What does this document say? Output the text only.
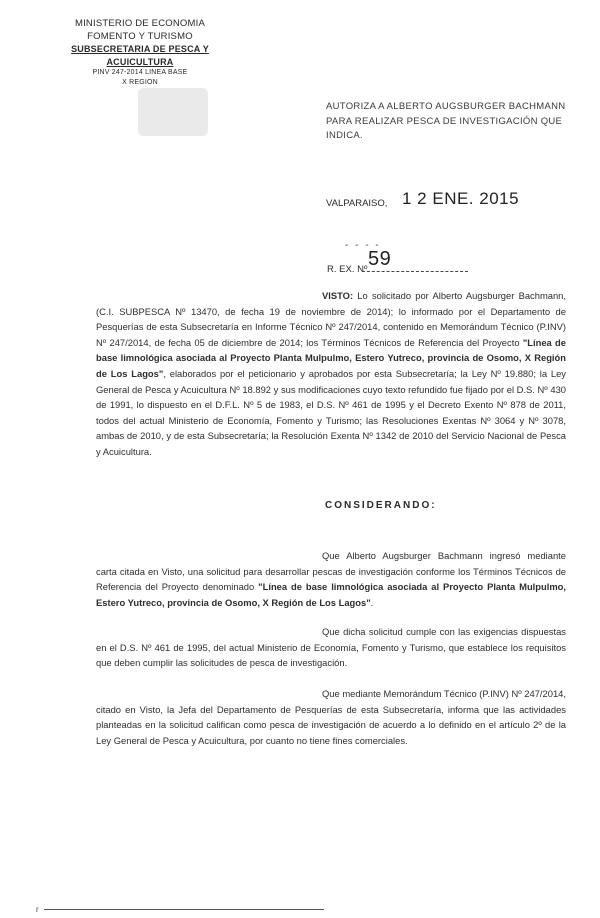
MINISTERIO DE ECONOMIA
FOMENTO Y TURISMO
SUBSECRETARIA DE PESCA Y ACUICULTURA
PINV 247-2014 LINEA BASE
X REGION
AUTORIZA A ALBERTO AUGSBURGER BACHMANN PARA REALIZAR PESCA DE INVESTIGACIÓN QUE INDICA.
VALPARAISO, 1 2 ENE. 2015
- - - -
R. EX. Nº 59
VISTO: Lo solicitado por Alberto Augsburger Bachmann, (C.I. SUBPESCA Nº 13470, de fecha 19 de noviembre de 2014); lo informado por el Departamento de Pesquerías de esta Subsecretaría en Informe Técnico Nº 247/2014, contenido en Memorándum Técnico (P.INV) Nº 247/2014, de fecha 05 de diciembre de 2014; los Términos Técnicos de Referencia del Proyecto "Línea de base limnológica asociada al Proyecto Planta Mulpulmo, Estero Yutreco, provincia de Osomo, X Región de Los Lagos", elaborados por el peticionario y aprobados por esta Subsecretaría; la Ley Nº 19.880; la Ley General de Pesca y Acuicultura Nº 18.892 y sus modificaciones cuyo texto refundido fue fijado por el D.S. Nº 430 de 1991, lo dispuesto en el D.F.L. Nº 5 de 1983, el D.S. Nº 461 de 1995 y el Decreto Exento Nº 878 de 2011, todos del actual Ministerio de Economía, Fomento y Turismo; las Resoluciones Exentas Nº 3064 y Nº 3078, ambas de 2010, y de esta Subsecretaría; la Resolución Exenta Nº 1342 de 2010 del Servicio Nacional de Pesca y Acuicultura.
CONSIDERANDO:
Que Alberto Augsburger Bachmann ingresó mediante carta citada en Visto, una solicitud para desarrollar pescas de investigación conforme los Términos Técnicos de Referencia del Proyecto denominado "Línea de base limnológica asociada al Proyecto Planta Mulpulmo, Estero Yutreco, provincia de Osomo, X Región de Los Lagos".
Que dicha solicitud cumple con las exigencias dispuestas en el D.S. Nº 461 de 1995, del actual Ministerio de Economía, Fomento y Turismo, que establece los requisitos que deben cumplir las solicitudes de pesca de investigación.
Que mediante Memorándum Técnico (P.INV) Nº 247/2014, citado en Visto, la Jefa del Departamento de Pesquerías de esta Subsecretaría, informa que las actividades planteadas en la solicitud califican como pesca de investigación de acuerdo a lo definido en el artículo 2º de la Ley General de Pesca y Acuicultura, por cuanto no tiene fines comerciales.
r
